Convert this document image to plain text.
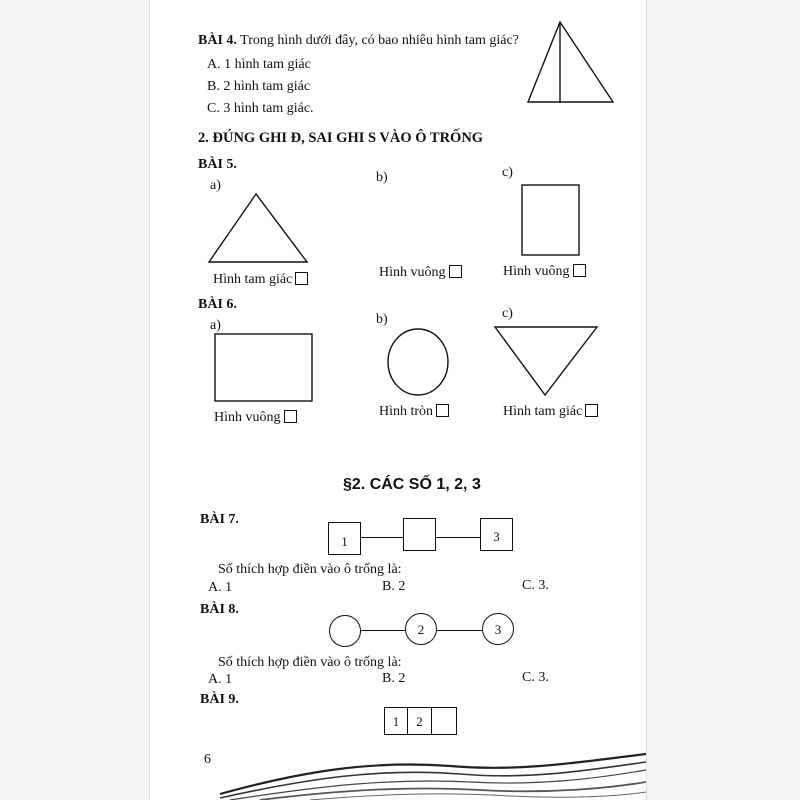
BÀI 4. Trong hình dưới đây, có bao nhiêu hình tam giác?
A. 1 hình tam giác
B. 2 hình tam giác
C. 3 hình tam giác.
2. ĐÚNG GHI Đ, SAI GHI S VÀO Ô TRỐNG
BÀI 5.
a)
b)	c)
Hình tam giác	Hình vuông	Hình vuông
BÀI 6.
a)	b)	c)
Hình vuông	Hình tròn	Hình tam giác
§2. CÁC SỐ 1, 2, 3
BÀI 7.
1	3
Số thích hợp điền vào ô trống là:
A. 1	B. 2	C. 3.
BÀI 8.
2	3
Số thích hợp điền vào ô trống là:
A. 1	B. 2	C. 3.
BÀI 9.
1	2
6
